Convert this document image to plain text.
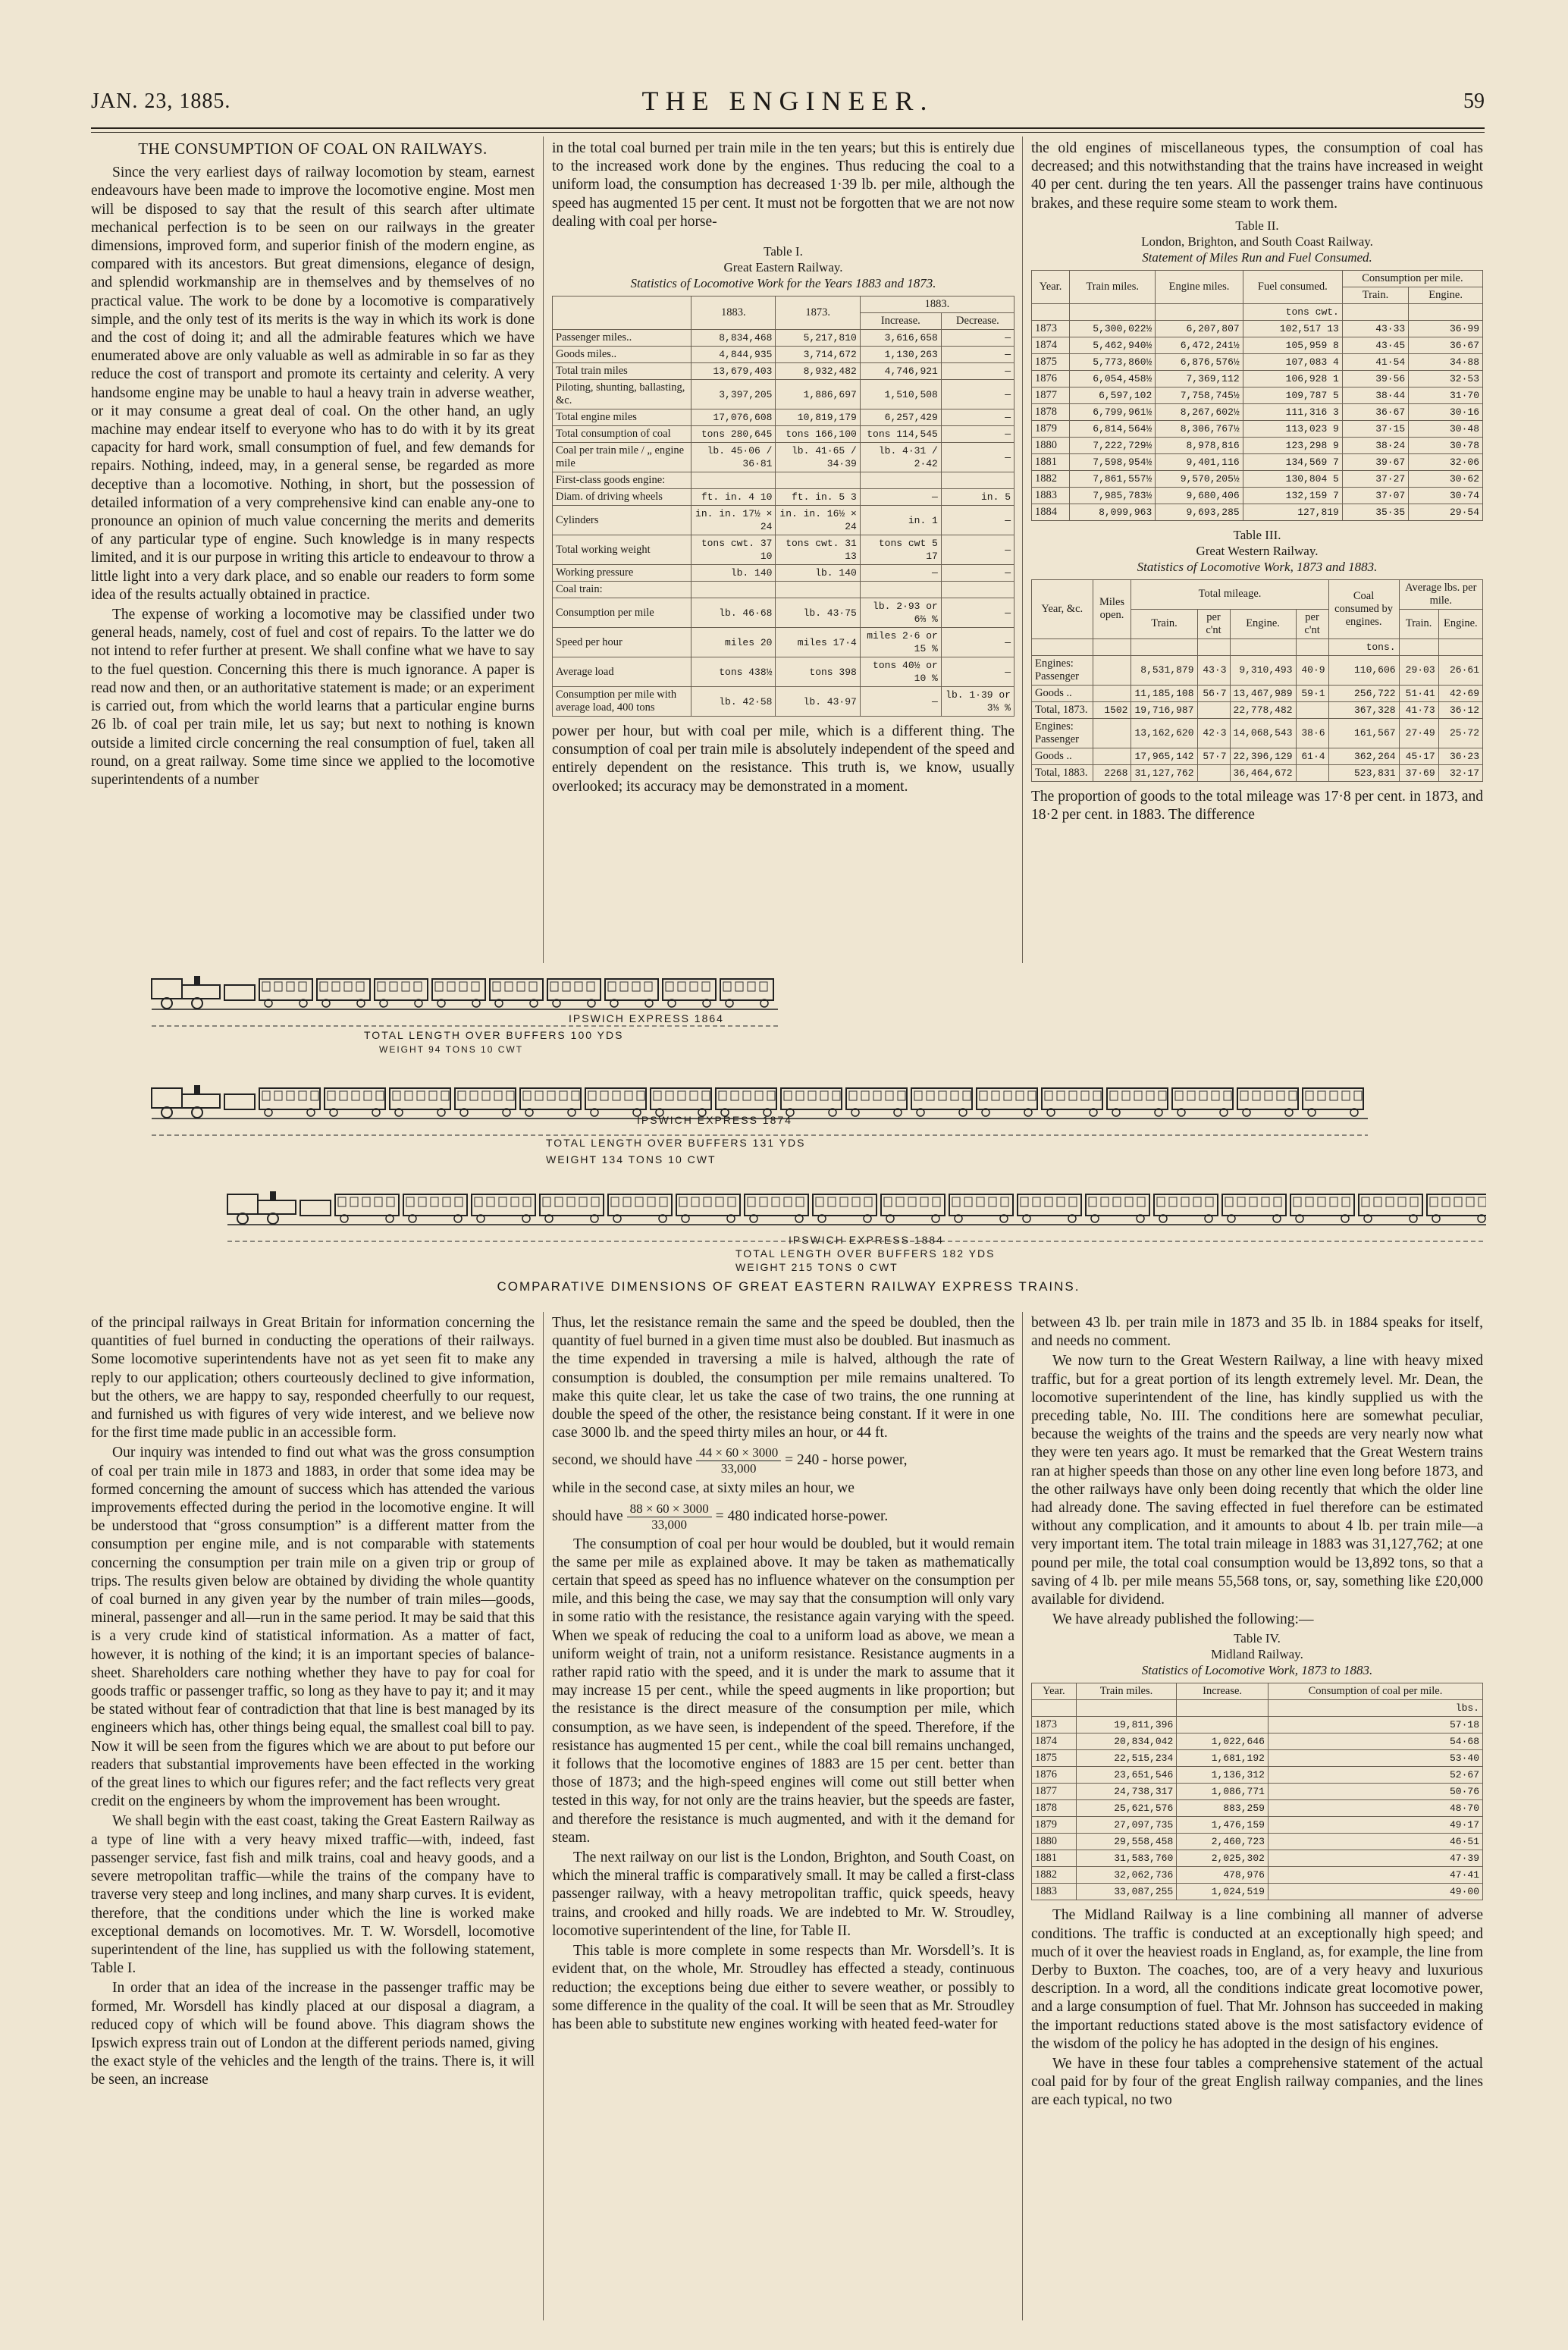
JAN. 23, 1885.	THE ENGINEER.	59
THE CONSUMPTION OF COAL ON RAILWAYS.

Since the very earliest days of railway locomotion by steam, earnest endeavours have been made to improve the locomotive engine. Most men will be disposed to say that the result of this search after ultimate mechanical perfection is to be seen on our railways in the greater dimensions, improved form, and superior finish of the modern engine, as compared with its ancestors. But great dimensions, elegance of design, and splendid workmanship are in themselves and by themselves of no practical value. The work to be done by a locomotive is comparatively simple, and the only test of its merits is the way in which its work is done and the cost of doing it; and all the admirable features which we have enumerated above are only valuable as well as admirable in so far as they reduce the cost of transport and promote its certainty and celerity. A very handsome engine may be unable to haul a heavy train in adverse weather, or it may consume a great deal of coal. On the other hand, an ugly machine may endear itself to everyone who has to do with it by its great capacity for hard work, small consumption of fuel, and few demands for repairs. Nothing, indeed, may, in a general sense, be regarded as more deceptive than a locomotive. Nothing, in short, but the possession of detailed information of a very comprehensive kind can enable any-one to pronounce an opinion of much value concerning the merits and demerits of any particular type of engine. Such knowledge is in many respects limited, and it is our purpose in writing this article to endeavour to throw a little light into a very dark place, and so enable our readers to form some idea of the results actually obtained in practice.

The expense of working a locomotive may be classified under two general heads, namely, cost of fuel and cost of repairs. To the latter we do not intend to refer further at present. We shall confine what we have to say to the fuel question. Concerning this there is much ignorance. A paper is read now and then, or an authoritative statement is made; or an experiment is carried out, from which the world learns that a particular engine burns 26 lb. of coal per train mile, let us say; but next to nothing is known outside a limited circle concerning the real consumption of fuel, taken all round, on a great railway. Some time since we applied to the locomotive superintendents of a number

in the total coal burned per train mile in the ten years; but this is entirely due to the increased work done by the engines. Thus reducing the coal to a uniform load, the consumption has decreased 1·39 lb. per mile, although the speed has augmented 15 per cent. It must not be forgotten that we are not now dealing with coal per horse-

Table I.
Great Eastern Railway.
Statistics of Locomotive Work for the Years 1883 and 1873.
	1883.	1873.	1883.	
			Increase.	Decrease.
Passenger miles..	8,834,468	5,217,810	3,616,658	—
Goods miles..	4,844,935	3,714,672	1,130,263	—
Total train miles	13,679,403	8,932,482	4,746,921	—
Piloting, shunting, ballasting, &c.	3,397,205	1,886,697	1,510,508	—
Total engine miles	17,076,608	10,819,179	6,257,429	—
Total consumption of coal	tons 280,645	tons 166,100	tons 114,545	—
Coal per train mile / „ engine mile	lb. 45·06 / 36·81	lb. 41·65 / 34·39	lb. 4·31 / 2·42	—
First-class goods engine:				
Diam. of driving wheels	ft. in. 4 10	ft. in. 5 3	—	in. 5
Cylinders	in. in. 17½ × 24	in. in. 16½ × 24	in. 1	—
Total working weight	tons cwt. 37 10	tons cwt. 31 13	tons cwt 5 17	—
Working pressure	lb. 140	lb. 140	—	—
Coal train:				
Consumption per mile	lb. 46·68	lb. 43·75	lb. 2·93 or 6⅔ %	—
Speed per hour	miles 20	miles 17·4	miles 2·6 or 15 %	—
Average load	tons 438½	tons 398	tons 40½ or 10 %	—
Consumption per mile with average load, 400 tons	lb. 42·58	lb. 43·97	—	lb. 1·39 or 3⅓ %

power per hour, but with coal per mile, which is a different thing. The consumption of coal per train mile is absolutely independent of the speed and entirely dependent on the resistance. This truth is, we know, usually overlooked; its accuracy may be demonstrated in a moment.

the old engines of miscellaneous types, the consumption of coal has decreased; and this notwithstanding that the trains have increased in weight 40 per cent. during the ten years. All the passenger trains have continuous brakes, and these require some steam to work them.

Table II.
London, Brighton, and South Coast Railway.
Statement of Miles Run and Fuel Consumed.
Year.	Train miles.	Engine miles.	Fuel consumed.	Consumption per mile.	
				Train.	Engine.
			tons cwt.		
1873	5,300,022½	6,207,807	102,517 13	43·33	36·99
1874	5,462,940½	6,472,241½	105,959 8	43·45	36·67
1875	5,773,860½	6,876,576½	107,083 4	41·54	34·88
1876	6,054,458½	7,369,112	106,928 1	39·56	32·53
1877	6,597,102	7,758,745½	109,787 5	38·44	31·70
1878	6,799,961½	8,267,602½	111,316 3	36·67	30·16
1879	6,814,564½	8,306,767½	113,023 9	37·15	30·48
1880	7,222,729½	8,978,816	123,298 9	38·24	30·78
1881	7,598,954½	9,401,116	134,569 7	39·67	32·06
1882	7,861,557½	9,570,205½	130,804 5	37·27	30·62
1883	7,985,783½	9,680,406	132,159 7	37·07	30·74
1884	8,099,963	9,693,285	127,819	35·35	29·54
Table III.
Great Western Railway.
Statistics of Locomotive Work, 1873 and 1883.
Year, &c.	Miles open.	Total mileage.				Coal consumed by engines.	Average lbs. per mile.	
		Train.	per c'nt	Engine.	per c'nt		Train.	Engine.
						tons.		
Engines: Passenger		8,531,879	43·3	9,310,493	40·9	110,606	29·03	26·61
Goods ..		11,185,108	56·7	13,467,989	59·1	256,722	51·41	42·69
Total, 1873.	1502	19,716,987		22,778,482		367,328	41·73	36·12
Engines: Passenger		13,162,620	42·3	14,068,543	38·6	161,567	27·49	25·72
Goods ..		17,965,142	57·7	22,396,129	61·4	362,264	45·17	36·23
Total, 1883.	2268	31,127,762		36,464,672		523,831	37·69	32·17

The proportion of goods to the total mileage was 17·8 per cent. in 1873, and 18·2 per cent. in 1883. The difference

IPSWICH EXPRESS 1864
TOTAL LENGTH OVER BUFFERS 100 YDS
WEIGHT 94 TONS 10 CWT
IPSWICH EXPRESS 1874
TOTAL LENGTH OVER BUFFERS 131 YDS
WEIGHT 134 TONS 10 CWT
IPSWICH EXPRESS 1884
TOTAL LENGTH OVER BUFFERS 182 YDS
WEIGHT 215 TONS 0 CWT
COMPARATIVE DIMENSIONS OF GREAT EASTERN RAILWAY EXPRESS TRAINS.

of the principal railways in Great Britain for information concerning the quantities of fuel burned in conducting the operations of their railways. Some locomotive superintendents have not as yet seen fit to make any reply to our application; others courteously declined to give information, but the others, we are happy to say, responded cheerfully to our request, and furnished us with figures of very wide interest, and we believe now for the first time made public in an accessible form.

Our inquiry was intended to find out what was the gross consumption of coal per train mile in 1873 and 1883, in order that some idea may be formed concerning the amount of success which has attended the various improvements effected during the period in the locomotive engine. It will be understood that “gross consumption” is a different matter from the consumption per engine mile, and is not comparable with statements concerning the consumption per train mile on a given trip or group of trips. The results given below are obtained by dividing the whole quantity of coal burned in any given year by the number of train miles—goods, mineral, passenger and all—run in the same period. It may be said that this is a very crude kind of statistical information. As a matter of fact, however, it is nothing of the kind; it is an important species of balance-sheet. Shareholders care nothing whether they have to pay for coal for goods traffic or passenger traffic, so long as they have to pay it; and it may be stated without fear of contradiction that that line is best managed by its engineers which has, other things being equal, the smallest coal bill to pay. Now it will be seen from the figures which we are about to put before our readers that substantial improvements have been effected in the working of the great lines to which our figures refer; and the fact reflects very great credit on the engineers by whom the improvement has been wrought.

We shall begin with the east coast, taking the Great Eastern Railway as a type of line with a very heavy mixed traffic—with, indeed, fast passenger service, fast fish and milk trains, coal and heavy goods, and a severe metropolitan traffic—while the trains of the company have to traverse very steep and long inclines, and many sharp curves. It is evident, therefore, that the conditions under which the line is worked make exceptional demands on locomotives. Mr. T. W. Worsdell, locomotive superintendent of the line, has supplied us with the following statement, Table I.

In order that an idea of the increase in the passenger traffic may be formed, Mr. Worsdell has kindly placed at our disposal a diagram, a reduced copy of which will be found above. This diagram shows the Ipswich express train out of London at the different periods named, giving the exact style of the vehicles and the length of the trains. There is, it will be seen, an increase

Thus, let the resistance remain the same and the speed be doubled, then the quantity of fuel burned in a given time must also be doubled. But inasmuch as the time expended in traversing a mile is halved, although the rate of consumption is doubled, the consumption per mile remains unaltered. To make this quite clear, let us take the case of two trains, the one running at double the speed of the other, the resistance being constant. If it were in one case 3000 lb. and the speed thirty miles an hour, or 44 ft.

second, we should have $\frac{44 \times 60 \times 3000}{33,000} = 240$ - horse power,

while in the second case, at sixty miles an hour, we

should have $\frac{88 \times 60 \times 3000}{33,000} = 480$ indicated horse-power.

The consumption of coal per hour would be doubled, but it would remain the same per mile as explained above. It may be taken as mathematically certain that speed as speed has no influence whatever on the consumption per mile, and this being the case, we may say that the consumption will only vary in some ratio with the resistance, the resistance again varying with the speed. When we speak of reducing the coal to a uniform load as above, we mean a uniform weight of train, not a uniform resistance. Resistance augments in a rather rapid ratio with the speed, and it is under the mark to assume that it may increase 15 per cent., while the speed augments in like proportion; but the resistance is the direct measure of the consumption per mile, which consumption, as we have seen, is independent of the speed. Therefore, if the resistance has augmented 15 per cent., while the coal bill remains unchanged, it follows that the locomotive engines of 1883 are 15 per cent. better than those of 1873; and the high-speed engines will come out still better when tested in this way, for not only are the trains heavier, but the speeds are faster, and therefore the resistance is much augmented, and with it the demand for steam.

The next railway on our list is the London, Brighton, and South Coast, on which the mineral traffic is comparatively small. It may be called a first-class passenger railway, with a heavy metropolitan traffic, quick speeds, heavy trains, and crooked and hilly roads. We are indebted to Mr. W. Stroudley, locomotive superintendent of the line, for Table II.

This table is more complete in some respects than Mr. Worsdell’s. It is evident that, on the whole, Mr. Stroudley has effected a steady, continuous reduction; the exceptions being due either to severe weather, or possibly to some difference in the quality of the coal. It will be seen that as Mr. Stroudley has been able to substitute new engines working with heated feed-water for

between 43 lb. per train mile in 1873 and 35 lb. in 1884 speaks for itself, and needs no comment.

We now turn to the Great Western Railway, a line with heavy mixed traffic, but for a great portion of its length extremely level. Mr. Dean, the locomotive superintendent of the line, has kindly supplied us with the preceding table, No. III. The conditions here are somewhat peculiar, because the weights of the trains and the speeds are very nearly now what they were ten years ago. It must be remarked that the Great Western trains ran at higher speeds than those on any other line even long before 1873, and the other railways have only been doing recently that which the older line had already done. The saving effected in fuel therefore can be estimated without any complication, and it amounts to about 4 lb. per train mile—a very important item. The total train mileage in 1883 was 31,127,762; at one pound per mile, the total coal consumption would be 13,892 tons, so that a saving of 4 lb. per mile means 55,568 tons, or, say, something like £20,000 available for dividend.

We have already published the following:—

Table IV.
Midland Railway.
Statistics of Locomotive Work, 1873 to 1883.
Year.	Train miles.	Increase.	Consumption of coal per mile.
			lbs.
1873	19,811,396		57·18
1874	20,834,042	1,022,646	54·68
1875	22,515,234	1,681,192	53·40
1876	23,651,546	1,136,312	52·67
1877	24,738,317	1,086,771	50·76
1878	25,621,576	883,259	48·70
1879	27,097,735	1,476,159	49·17
1880	29,558,458	2,460,723	46·51
1881	31,583,760	2,025,302	47·39
1882	32,062,736	478,976	47·41
1883	33,087,255	1,024,519	49·00

The Midland Railway is a line combining all manner of adverse conditions. The traffic is conducted at an exceptionally high speed; and much of it over the heaviest roads in England, as, for example, the line from Derby to Buxton. The coaches, too, are of a very heavy and luxurious description. In a word, all the conditions indicate great locomotive power, and a large consumption of fuel. That Mr. Johnson has succeeded in making the important reductions stated above is the most satisfactory evidence of the wisdom of the policy he has adopted in the design of his engines.

We have in these four tables a comprehensive statement of the actual coal paid for by four of the great English railway companies, and the lines are each typical, no two
